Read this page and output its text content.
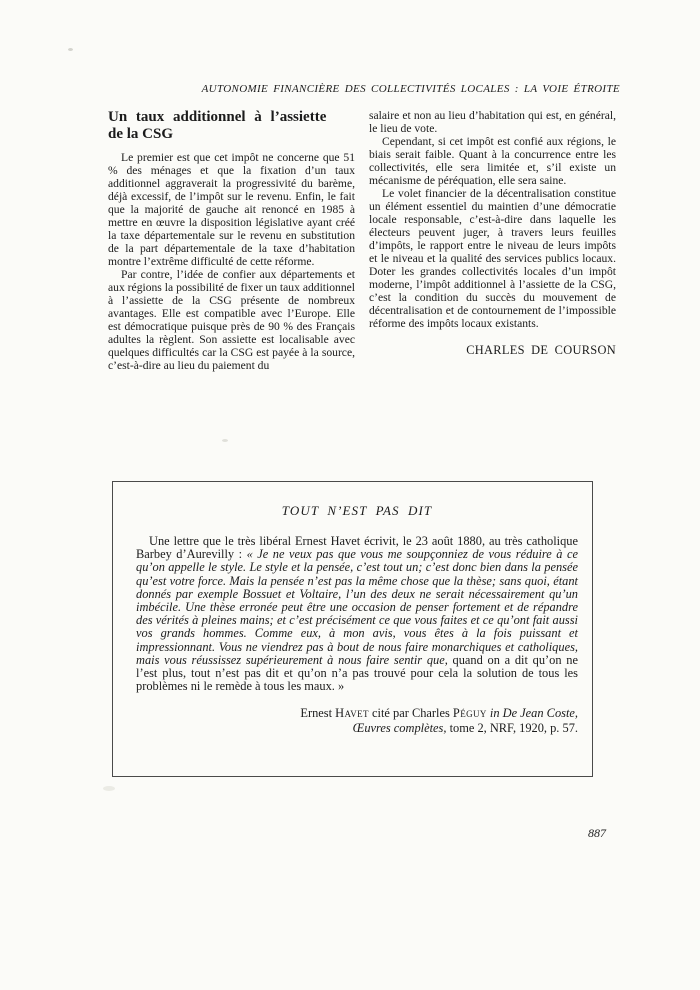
AUTONOMIE FINANCIÈRE DES COLLECTIVITÉS LOCALES : LA VOIE ÉTROITE
Un taux additionnel à l’assiette
de la CSG

Le premier est que cet impôt ne concerne que 51 % des ménages et que la fixation d’un taux additionnel aggraverait la progressivité du barème, déjà excessif, de l’impôt sur le revenu. Enfin, le fait que la majorité de gauche ait renoncé en 1985 à mettre en œuvre la disposition législative ayant créé la taxe départementale sur le revenu en substitution de la part départementale de la taxe d’habitation montre l’extrême difficulté de cette réforme.

Par contre, l’idée de confier aux départements et aux régions la possibilité de fixer un taux additionnel à l’assiette de la CSG présente de nombreux avantages. Elle est compatible avec l’Europe. Elle est démocratique puisque près de 90 % des Français adultes la règlent. Son assiette est localisable avec quelques difficultés car la CSG est payée à la source, c’est-à-dire au lieu du paiement du

salaire et non au lieu d’habitation qui est, en général, le lieu de vote.

Cependant, si cet impôt est confié aux régions, le biais serait faible. Quant à la concurrence entre les collectivités, elle sera limitée et, s’il existe un mécanisme de péréquation, elle sera saine.

Le volet financier de la décentralisation constitue un élément essentiel du maintien d’une démocratie locale responsable, c’est-à-dire dans laquelle les électeurs peuvent juger, à travers leurs feuilles d’impôts, le rapport entre le niveau de leurs impôts et le niveau et la qualité des services publics locaux. Doter les grandes collectivités locales d’un impôt moderne, l’impôt additionnel à l’assiette de la CSG, c’est la condition du succès du mouvement de décentralisation et de contournement de l’impossible réforme des impôts locaux existants.

CHARLES DE COURSON
TOUT N’EST PAS DIT

Une lettre que le très libéral Ernest Havet écrivit, le 23 août 1880, au très catholique Barbey d’Aurevilly : « Je ne veux pas que vous me soupçonniez de vous réduire à ce qu’on appelle le style. Le style et la pensée, c’est tout un; c’est donc bien dans la pensée qu’est votre force. Mais la pensée n’est pas la même chose que la thèse; sans quoi, étant donnés par exemple Bossuet et Voltaire, l’un des deux ne serait nécessairement qu’un imbécile. Une thèse erronée peut être une occasion de penser fortement et de répandre des vérités à pleines mains; et c’est précisément ce que vous faites et ce qu’ont fait aussi vos grands hommes. Comme eux, à mon avis, vous êtes à la fois puissant et impressionnant. Vous ne viendrez pas à bout de nous faire monarchiques et catholiques, mais vous réussissez supérieurement à nous faire sentir que, quand on a dit qu’on ne l’est plus, tout n’est pas dit et qu’on n’a pas trouvé pour cela la solution de tous les problèmes ni le remède à tous les maux. »

Ernest Havet cité par Charles Péguy in De Jean Coste,

Œuvres complètes, tome 2, NRF, 1920, p. 57.

887
